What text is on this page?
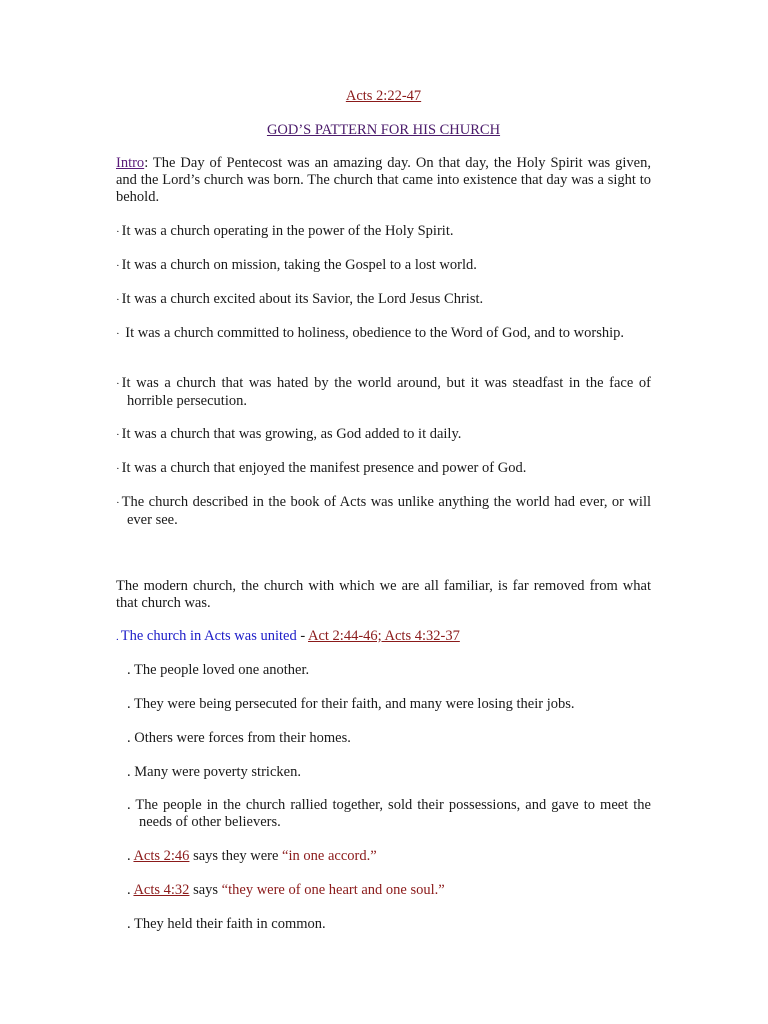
Acts 2:22-47
GOD’S PATTERN FOR HIS CHURCH
Intro: The Day of Pentecost was an amazing day. On that day, the Holy Spirit was given, and the Lord’s church was born. The church that came into existence that day was a sight to behold.
· It was a church operating in the power of the Holy Spirit.
· It was a church on mission, taking the Gospel to a lost world.
· It was a church excited about its Savior, the Lord Jesus Christ.
· It was a church committed to holiness, obedience to the Word of God, and to worship.
· It was a church that was hated by the world around, but it was steadfast in the face of horrible persecution.
· It was a church that was growing, as God added to it daily.
· It was a church that enjoyed the manifest presence and power of God.
· The church described in the book of Acts was unlike anything the world had ever, or will ever see.
The modern church, the church with which we are all familiar, is far removed from what that church was.
. The church in Acts was united - Act 2:44-46; Acts 4:32-37
. The people loved one another.
. They were being persecuted for their faith, and many were losing their jobs.
. Others were forces from their homes.
. Many were poverty stricken.
. The people in the church rallied together, sold their possessions, and gave to meet the needs of other believers.
. Acts 2:46 says they were “in one accord.”
. Acts 4:32 says “they were of one heart and one soul.”
. They held their faith in common.
